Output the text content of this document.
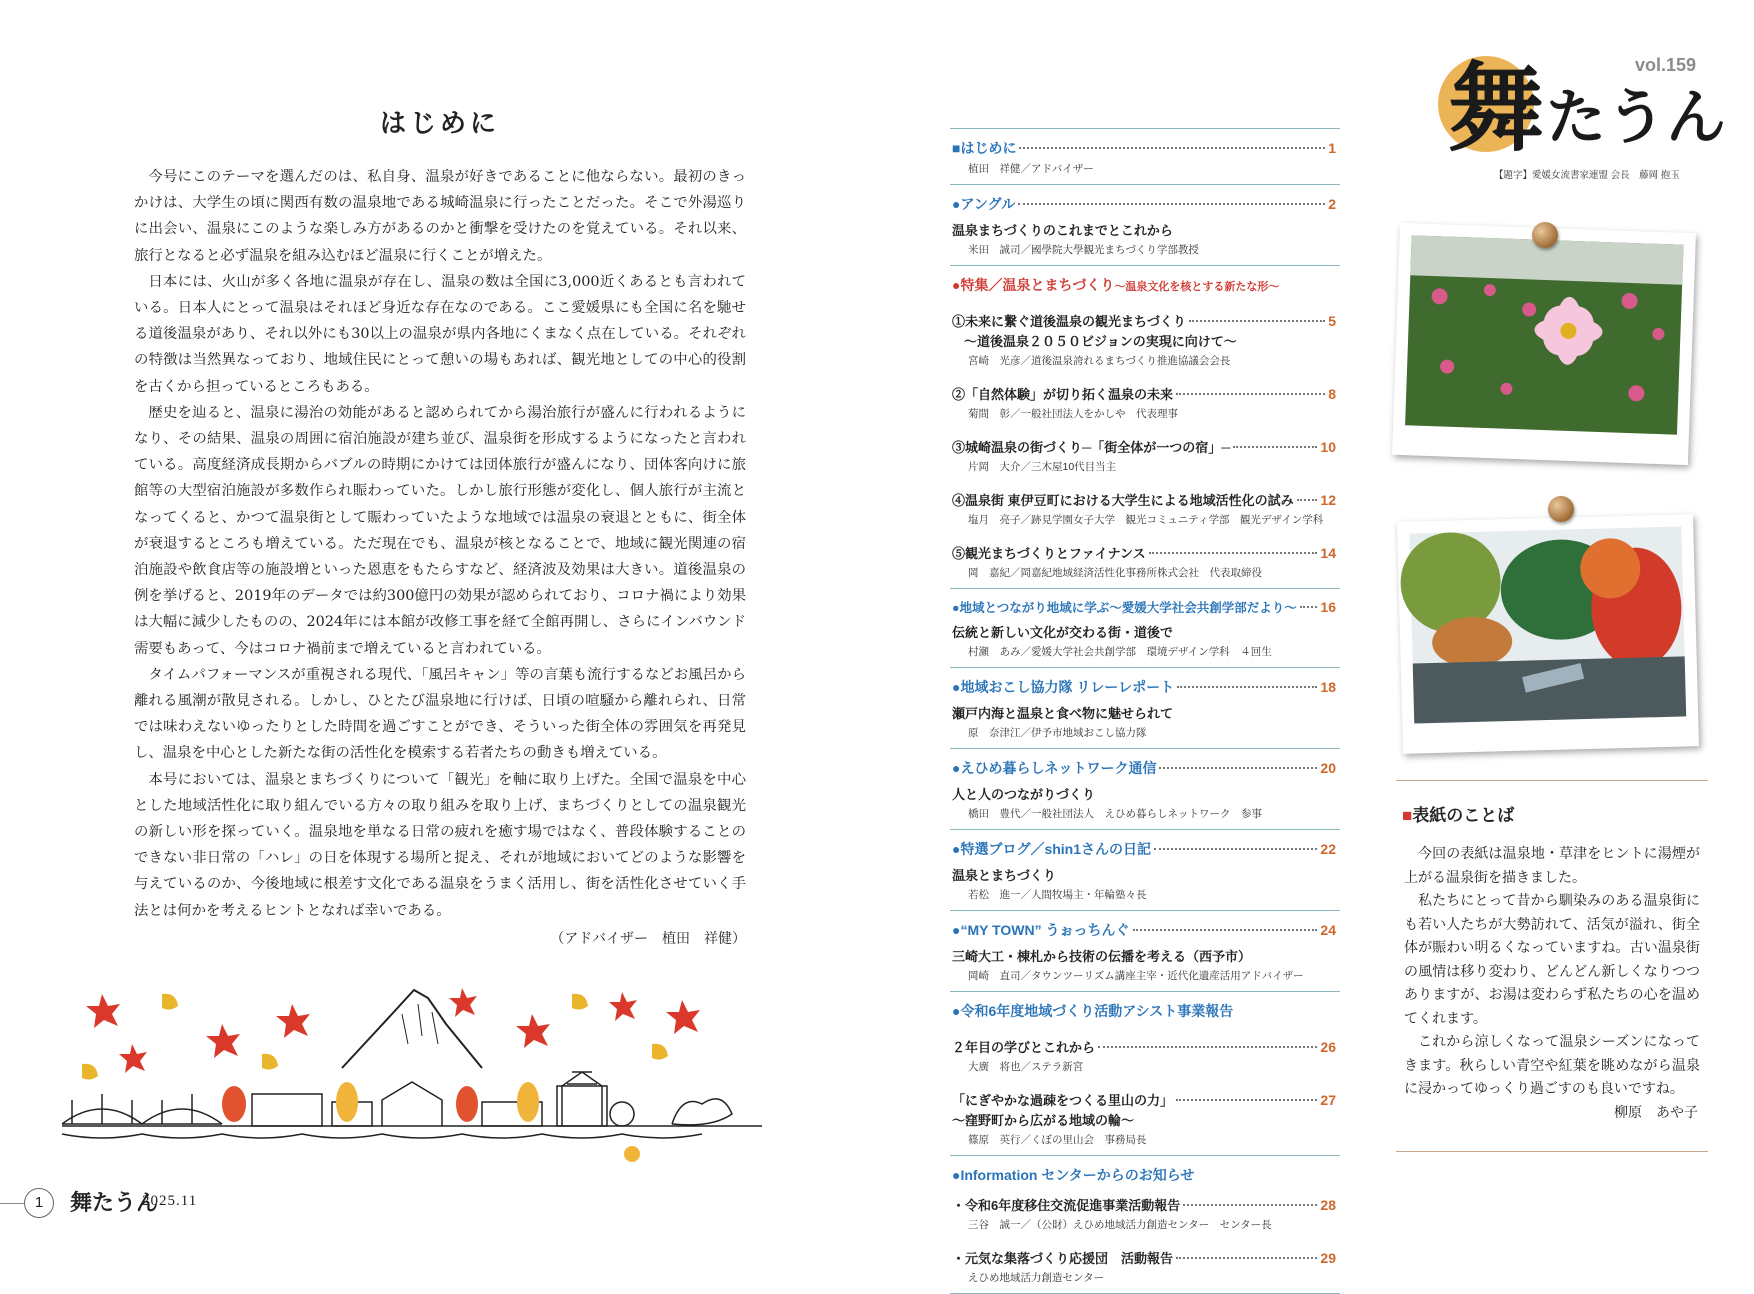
はじめに

今号にこのテーマを選んだのは、私自身、温泉が好きであることに他ならない。最初のきっかけは、大学生の頃に関西有数の温泉地である城崎温泉に行ったことだった。そこで外湯巡りに出会い、温泉にこのような楽しみ方があるのかと衝撃を受けたのを覚えている。それ以来、旅行となると必ず温泉を組み込むほど温泉に行くことが増えた。

日本には、火山が多く各地に温泉が存在し、温泉の数は全国に3,000近くあるとも言われている。日本人にとって温泉はそれほど身近な存在なのである。ここ愛媛県にも全国に名を馳せる道後温泉があり、それ以外にも30以上の温泉が県内各地にくまなく点在している。それぞれの特徴は当然異なっており、地域住民にとって憩いの場もあれば、観光地としての中心的役割を古くから担っているところもある。

歴史を辿ると、温泉に湯治の効能があると認められてから湯治旅行が盛んに行われるようになり、その結果、温泉の周囲に宿泊施設が建ち並び、温泉街を形成するようになったと言われている。高度経済成長期からバブルの時期にかけては団体旅行が盛んになり、団体客向けに旅館等の大型宿泊施設が多数作られ賑わっていた。しかし旅行形態が変化し、個人旅行が主流となってくると、かつて温泉街として賑わっていたような地域では温泉の衰退とともに、街全体が衰退するところも増えている。ただ現在でも、温泉が核となることで、地域に観光関連の宿泊施設や飲食店等の施設増といった恩恵をもたらすなど、経済波及効果は大きい。道後温泉の例を挙げると、2019年のデータでは約300億円の効果が認められており、コロナ禍により効果は大幅に減少したものの、2024年には本館が改修工事を経て全館再開し、さらにインバウンド需要もあって、今はコロナ禍前まで増えていると言われている。

タイムパフォーマンスが重視される現代、「風呂キャン」等の言葉も流行するなどお風呂から離れる風潮が散見される。しかし、ひとたび温泉地に行けば、日頃の喧騒から離れられ、日常では味わえないゆったりとした時間を過ごすことができ、そういった街全体の雰囲気を再発見し、温泉を中心とした新たな街の活性化を模索する若者たちの動きも増えている。

本号においては、温泉とまちづくりについて「観光」を軸に取り上げた。全国で温泉を中心とした地域活性化に取り組んでいる方々の取り組みを取り上げ、まちづくりとしての温泉観光の新しい形を探っていく。温泉地を単なる日常の疲れを癒す場ではなく、普段体験することのできない非日常の「ハレ」の日を体現する場所と捉え、それが地域においてどのような影響を与えているのか、今後地域に根差す文化である温泉をうまく活用し、街を活性化させていく手法とは何かを考えるヒントとなれば幸いである。

（アドバイザー　植田　祥健）
1	舞たうん
2025.11
■はじめに	1
植田　祥健／アドバイザー
●アングル	2
温泉まちづくりのこれまでとこれから
米田　誠司／國學院大學観光まちづくり学部教授
●特集／温泉とまちづくり～温泉文化を核とする新たな形～
①未来に繋ぐ道後温泉の観光まちづくり	5
～道後温泉２０５０ビジョンの実現に向けて～
宮崎　光彦／道後温泉誇れるまちづくり推進協議会会長
②「自然体験」が切り拓く温泉の未来	8
菊間　彰／一般社団法人をかしや　代表理事
③城崎温泉の街づくり─「街全体が一つの宿」─	10
片岡　大介／三木屋10代目当主
④温泉街 東伊豆町における大学生による地域活性化の試み 12
塩月　亮子／跡見学園女子大学　観光コミュニティ学部　観光デザイン学科
⑤観光まちづくりとファイナンス	14
岡　嘉紀／岡嘉紀地域経済活性化事務所株式会社　代表取締役
●地域とつながり地域に学ぶ～愛媛大学社会共創学部だより～ 16
伝統と新しい文化が交わる街・道後で
村瀬　あみ／愛媛大学社会共創学部　環境デザイン学科　４回生
●地域おこし協力隊 リレーレポート	18
瀬戸内海と温泉と食べ物に魅せられて
原　奈津江／伊予市地域おこし協力隊
●えひめ暮らしネットワーク通信	20
人と人のつながりづくり
橋田　豊代／一般社団法人　えひめ暮らしネットワーク　参事
●特選ブログ／shin1さんの日記	22
温泉とまちづくり
若松　進一／人間牧場主・年輪塾々長
●“MY TOWN” うぉっちんぐ	24
三崎大工・棟札から技術の伝播を考える（西予市）
岡崎　直司／タウンツーリズム講座主宰・近代化遺産活用アドバイザー
●令和6年度地域づくり活動アシスト事業報告
２年目の学びとこれから	26
大廣　将也／ステラ新宮
「にぎやかな過疎をつくる里山の力」	27
～窪野町から広がる地域の輪～
篠原　英行／くぼの里山会　事務局長
●Information センターからのお知らせ
・令和6年度移住交流促進事業活動報告	28
三谷　誠一／（公財）えひめ地域活力創造センター　センター長
・元気な集落づくり応援団　活動報告	29
えひめ地域活力創造センター
vol.159
舞 たうん
【題字】愛媛女流書家連盟 会長　藤岡 抱玉
■表紙のことば

今回の表紙は温泉地・草津をヒントに湯煙が上がる温泉街を描きました。

私たちにとって昔から馴染みのある温泉街にも若い人たちが大勢訪れて、活気が溢れ、街全体が賑わい明るくなっていますね。古い温泉街の風情は移り変わり、どんどん新しくなりつつありますが、お湯は変わらず私たちの心を温めてくれます。

これから涼しくなって温泉シーズンになってきます。秋らしい青空や紅葉を眺めながら温泉に浸かってゆっくり過ごすのも良いですね。

柳原　あや子
